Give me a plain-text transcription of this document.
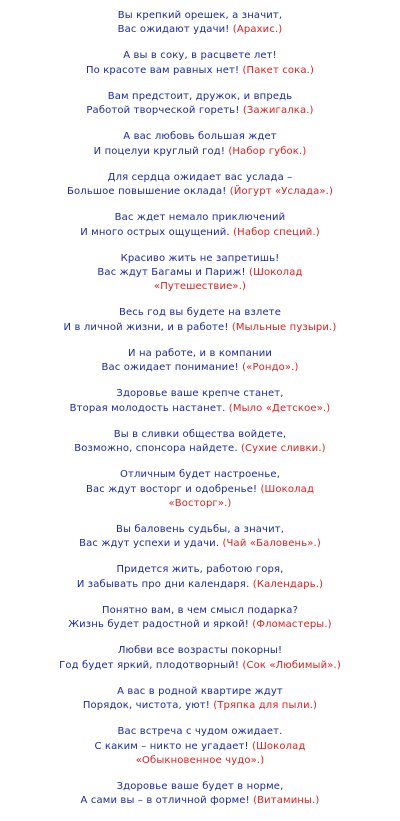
Вы крепкий орешек, а значит,
Вас ожидают удачи! (Арахис.)
А вы в соку, в расцвете лет!
По красоте вам равных нет! (Пакет сока.)
Вам предстоит, дружок, и впредь
Работой творческой гореть! (Зажигалка.)
А вас любовь большая ждет
И поцелуи круглый год! (Набор губок.)
Для сердца ожидает вас услада –
Большое повышение оклада! (Йогурт «Услада».)
Вас ждет немало приключений
И много острых ощущений. (Набор специй.)
Красиво жить не запретишь!
Вас ждут Багамы и Париж! (Шоколад
«Путешествие».)
Весь год вы будете на взлете
И в личной жизни, и в работе! (Мыльные пузыри.)
И на работе, и в компании
Вас ожидает понимание! («Рондо».)
Здоровье ваше крепче станет,
Вторая молодость настанет. (Мыло «Детское».)
Вы в сливки общества войдете,
Возможно, спонсора найдете. (Сухие сливки.)
Отличным будет настроенье,
Вас ждут восторг и одобренье! (Шоколад
«Восторг».)
Вы баловень судьбы, а значит,
Вас ждут успехи и удачи. (Чай «Баловень».)
Придется жить, работою горя,
И забывать про дни календаря. (Календарь.)
Понятно вам, в чем смысл подарка?
Жизнь будет радостной и яркой! (Фломастеры.)
Любви все возрасты покорны!
Год будет яркий, плодотворный! (Сок «Любимый».)
А вас в родной квартире ждут
Порядок, чистота, уют! (Тряпка для пыли.)
Вас встреча с чудом ожидает.
С каким – никто не угадает! (Шоколад
«Обыкновенное чудо».)
Здоровье ваше будет в норме,
А сами вы – в отличной форме! (Витамины.)
